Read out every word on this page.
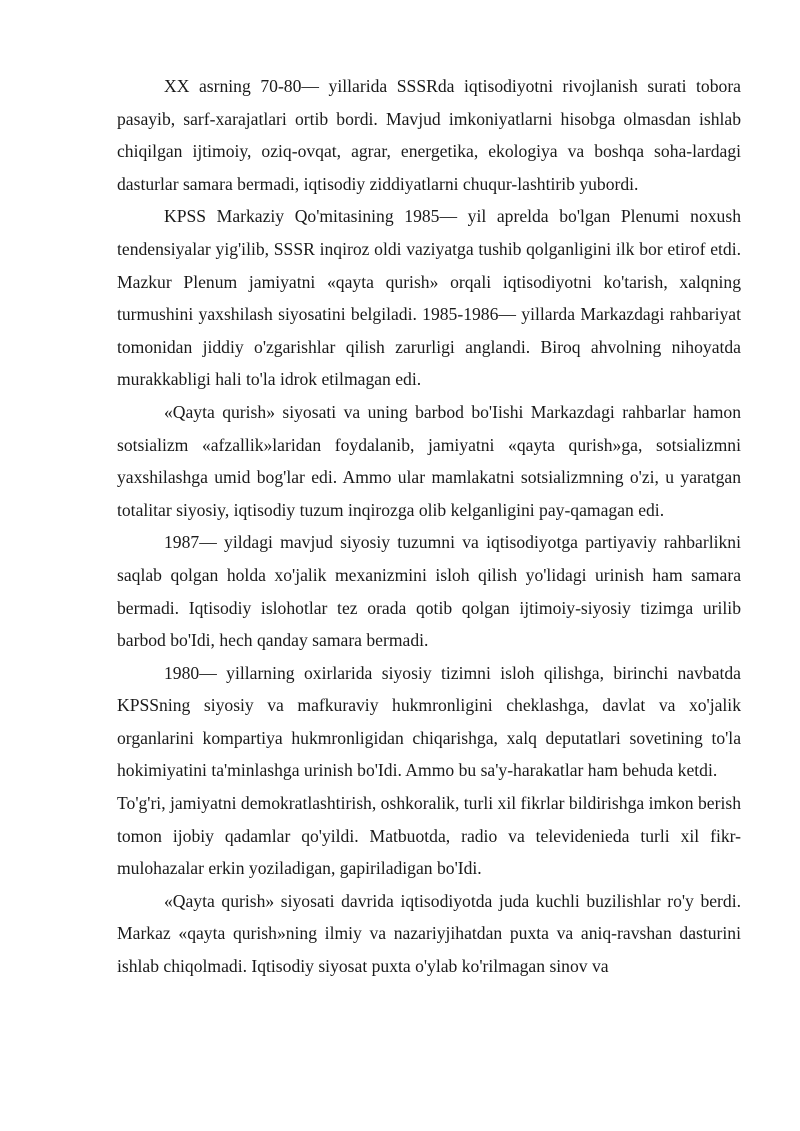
XX asrning 70-80— yillarida SSSRda iqtisodiyotni rivojlanish surati tobora pasayib, sarf-xarajatlari ortib bordi. Mavjud imkoniyatlarni hisobga olmasdan ishlab chiqilgan ijtimoiy, oziq-ovqat, agrar, energetika, ekologiya va boshqa soha-lardagi dasturlar samara bermadi, iqtisodiy ziddiyatlarni chuqur-lashtirib yubordi.

KPSS Markaziy Qo'mitasining 1985— yil aprelda bo'lgan Plenumi noxush tendensiyalar yig'ilib, SSSR inqiroz oldi vaziyatga tushib qolganligini ilk bor etirof etdi. Mazkur Plenum jamiyatni «qayta qurish» orqali iqtisodiyotni ko'tarish, xalqning turmushini yaxshilash siyosatini belgiladi. 1985-1986— yillarda Markazdagi rahbariyat tomonidan jiddiy o'zgarishlar qilish zarurligi anglandi. Biroq ahvolning nihoyatda murakkabligi hali to'la idrok etilmagan edi.

«Qayta qurish» siyosati va uning barbod bo'Iishi Markazdagi rahbarlar hamon sotsializm «afzallik»laridan foydalanib, jamiyatni «qayta qurish»ga, sotsializmni yaxshilashga umid bog'lar edi. Ammo ular mamlakatni sotsializmning o'zi, u yaratgan totalitar siyosiy, iqtisodiy tuzum inqirozga olib kelganligini pay-qamagan edi.

1987— yildagi mavjud siyosiy tuzumni va iqtisodiyotga partiyaviy rahbarlikni saqlab qolgan holda xo'jalik mexanizmini isloh qilish yo'lidagi urinish ham samara bermadi. Iqtisodiy islohotlar tez orada qotib qolgan ijtimoiy-siyosiy tizimga urilib barbod bo'Idi, hech qanday samara bermadi.

1980— yillarning oxirlarida siyosiy tizimni isloh qilishga, birinchi navbatda KPSSning siyosiy va mafkuraviy hukmronligini cheklashga, davlat va xo'jalik organlarini kompartiya hukmronligidan chiqarishga, xalq deputatlari sovetining to'la hokimiyatini ta'minlashga urinish bo'Idi. Ammo bu sa'y-harakatlar ham behuda ketdi.

To'g'ri, jamiyatni demokratlashtirish, oshkoralik, turli xil fikrlar bildirishga imkon berish tomon ijobiy qadamlar qo'yildi. Matbuotda, radio va televidenieda turli xil fikr-mulohazalar erkin yoziladigan, gapiriladigan bo'Idi.

«Qayta qurish» siyosati davrida iqtisodiyotda juda kuchli buzilishlar ro'y berdi. Markaz «qayta qurish»ning ilmiy va nazariyjihatdan puxta va aniq-ravshan dasturini ishlab chiqolmadi. Iqtisodiy siyosat puxta o'ylab ko'rilmagan sinov va
